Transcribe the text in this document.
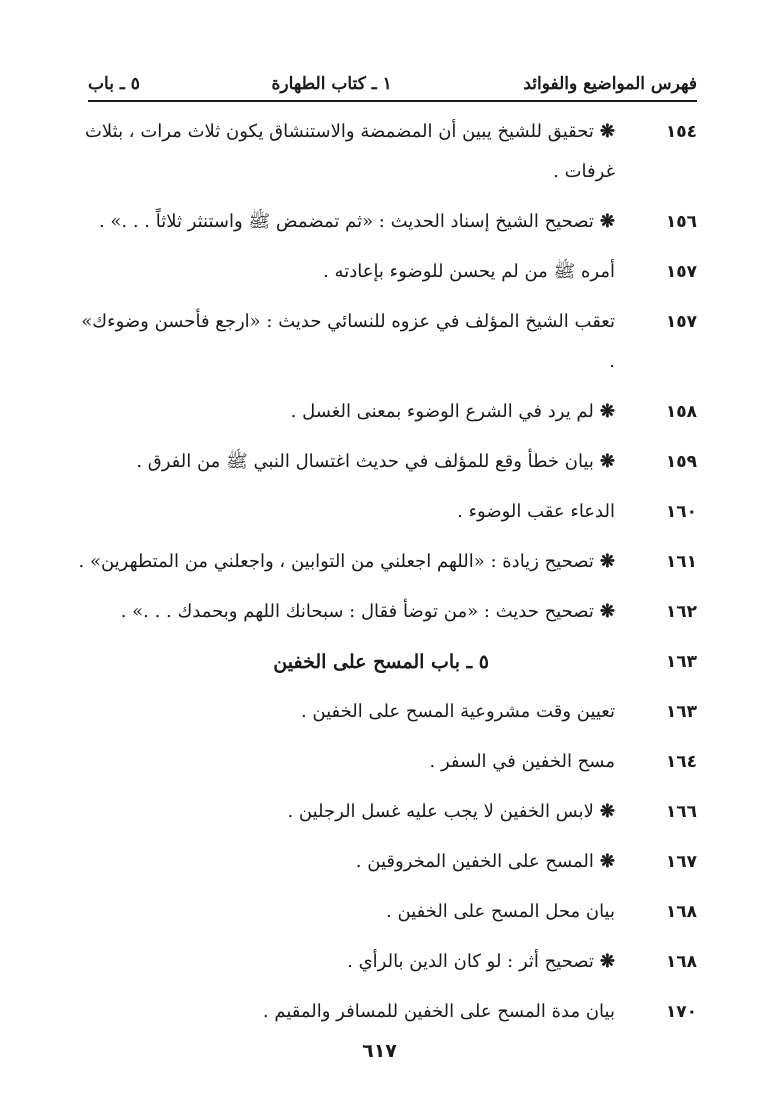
٥ ـ باب	١ ـ كتاب الطهارة	فهرس المواضيع والفوائد
١٥٤
❋تحقيق للشيخ يبين أن المضمضة والاستنشاق يكون ثلاث مرات ، بثلاث غرفات .
١٥٦
❋تصحيح الشيخ إسناد الحديث : «ثم تمضمض ﷺ واستنثر ثلاثاً . . .» .
١٥٧
أمره ﷺ من لم يحسن للوضوء بإعادته .
١٥٧
تعقب الشيخ المؤلف في عزوه للنسائي حديث : «ارجع فأحسن وضوءك» .
١٥٨
❋لم يرد في الشرع الوضوء بمعنى الغسل .
١٥٩
❋بيان خطأ وقع للمؤلف في حديث اغتسال النبي ﷺ من الفرق .
١٦٠
الدعاء عقب الوضوء .
١٦١
❋تصحيح زيادة : «اللهم اجعلني من التوابين ، واجعلني من المتطهرين» .
١٦٢
❋تصحيح حديث : «من توضأ فقال : سبحانك اللهم وبحمدك . . .» .
١٦٣
٥ ـ باب المسح على الخفين
١٦٣
تعيين وقت مشروعية المسح على الخفين .
١٦٤
مسح الخفين في السفر .
١٦٦
❋لابس الخفين لا يجب عليه غسل الرجلين .
١٦٧
❋المسح على الخفين المخروقين .
١٦٨
بيان محل المسح على الخفين .
١٦٨
❋تصحيح أثر : لو كان الدين بالرأي .
١٧٠
بيان مدة المسح على الخفين للمسافر والمقيم .
٦١٧
